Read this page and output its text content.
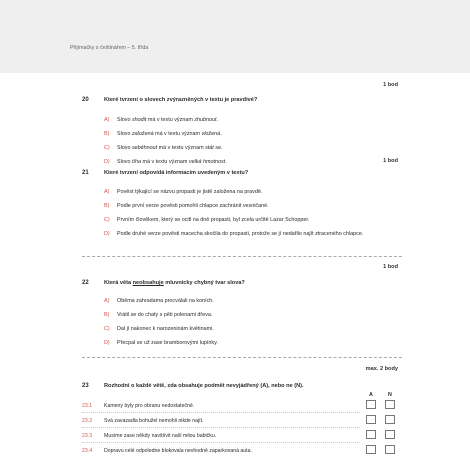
Přijímačky s češtinářem – 5. třída
1 bod
20	Které tvrzení o slovech zvýrazněných v textu je pravdivé?
A) Slovo shodit má v textu význam zhubnout.
B) Slovo založená má v textu význam vložená.
C) Slovo seběhnout má v textu význam stát se.
D) Slovo tíha má v textu význam velká hmotnost.	1 bod
21	Které tvrzení odpovídá informacím uvedeným v textu?
A) Pověst týkající se názvu propasti je jistě založena na pravdě.
B) Podle první verze pověsti pomohli chlapce zachránit vesničané.
C) Prvním člověkem, který se ocitl na dně propasti, byl zcela určitě Lazar Schopper.
D) Podle druhé verze pověsti macecha skočila do propasti, protože se jí nedařilo najít ztraceného chlapce.
1 bod
22	Která věta neobsahuje mluvnicky chybný tvar slova?
A) Oběma zahradama procválali na koních.
B) Vrátil se do chaty s pěti polenami dřeva.
C) Dal jí nakonec k narozeninám květinami.
D) Přecpal se už zase bramborovými lupínky.
max. 2 body
23	Rozhodni o každé větě, zda obsahuje podmět nevyjádřený (A), nebo ne (N).
A	N
23.1 Kameny byly pro obranu nedostatečné.
23.2 Svá zavazadla bohužel nemohli nikde najít.
23.3 Musíme zase někdy navštívit naši milou babičku.
23.4 Dopravu celé odpoledne blokovala nevhodně zaparkovaná auta.
